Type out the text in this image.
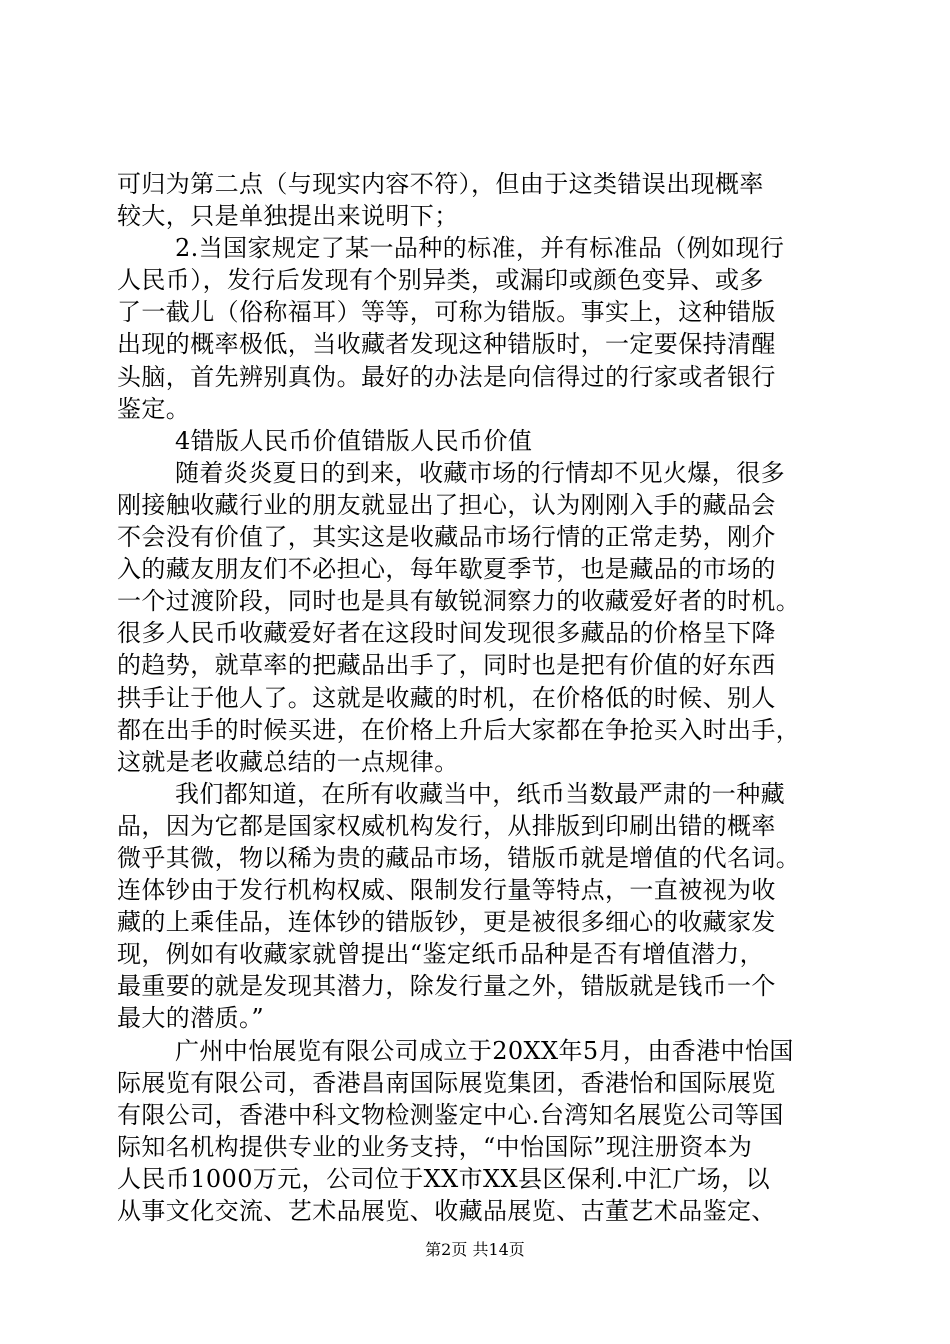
可归为第二点（与现实内容不符），但由于这类错误出现概率
较大，只是单独提出来说明下；
2.当国家规定了某一品种的标准，并有标准品（例如现行
人民币），发行后发现有个别异类，或漏印或颜色变异、或多
了一截儿（俗称福耳）等等，可称为错版。事实上，这种错版
出现的概率极低，当收藏者发现这种错版时，一定要保持清醒
头脑，首先辨别真伪。最好的办法是向信得过的行家或者银行
鉴定。
4错版人民币价值错版人民币价值
随着炎炎夏日的到来，收藏市场的行情却不见火爆，很多
刚接触收藏行业的朋友就显出了担心，认为刚刚入手的藏品会
不会没有价值了，其实这是收藏品市场行情的正常走势，刚介
入的藏友朋友们不必担心，每年歇夏季节，也是藏品的市场的
一个过渡阶段，同时也是具有敏锐洞察力的收藏爱好者的时机。
很多人民币收藏爱好者在这段时间发现很多藏品的价格呈下降
的趋势，就草率的把藏品出手了，同时也是把有价值的好东西
拱手让于他人了。这就是收藏的时机，在价格低的时候、别人
都在出手的时候买进，在价格上升后大家都在争抢买入时出手，
这就是老收藏总结的一点规律。
我们都知道，在所有收藏当中，纸币当数最严肃的一种藏
品，因为它都是国家权威机构发行，从排版到印刷出错的概率
微乎其微，物以稀为贵的藏品市场，错版币就是增值的代名词。
连体钞由于发行机构权威、限制发行量等特点，一直被视为收
藏的上乘佳品，连体钞的错版钞，更是被很多细心的收藏家发
现，例如有收藏家就曾提出“鉴定纸币品种是否有增值潜力，
最重要的就是发现其潜力，除发行量之外，错版就是钱币一个
最大的潜质。”
广州中怡展览有限公司成立于20XX年5月，由香港中怡国
际展览有限公司，香港昌南国际展览集团，香港怡和国际展览
有限公司，香港中科文物检测鉴定中心.台湾知名展览公司等国
际知名机构提供专业的业务支持，“中怡国际”现注册资本为
人民币1000万元，公司位于XX市XX县区保利.中汇广场，以
从事文化交流、艺术品展览、收藏品展览、古董艺术品鉴定、
第2页 共14页
